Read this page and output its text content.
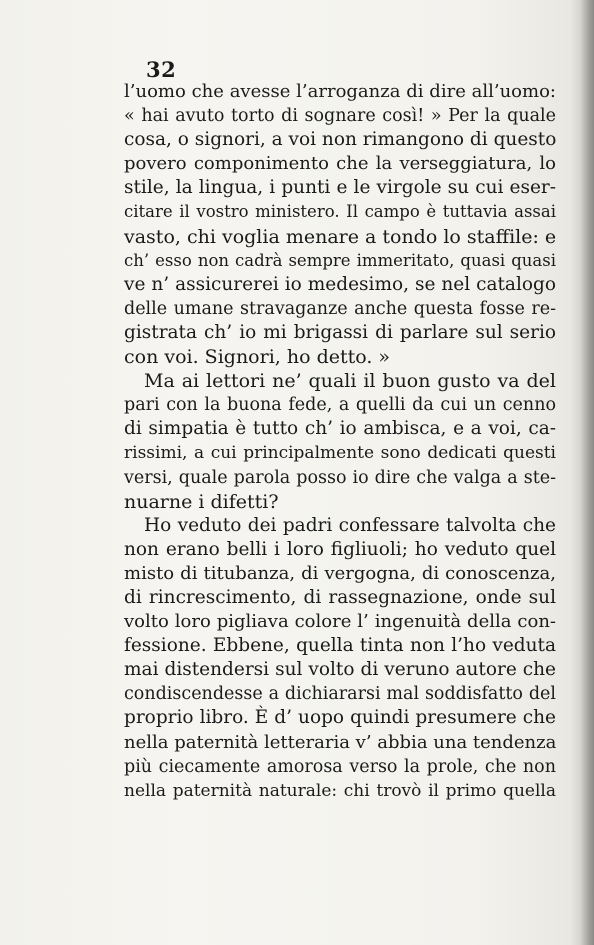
32
l’uomo che avesse l’arroganza di dire all’uomo:
« hai avuto torto di sognare così! » Per la quale
cosa, o signori, a voi non rimangono di questo
povero componimento che la verseggiatura, lo
stile, la lingua, i punti e le virgole su cui eser-
citare il vostro ministero. Il campo è tuttavia assai
vasto, chi voglia menare a tondo lo staffile: e
ch’ esso non cadrà sempre immeritato, quasi quasi
ve n’ assicurerei io medesimo, se nel catalogo
delle umane stravaganze anche questa fosse re-
gistrata ch’ io mi brigassi di parlare sul serio
con voi. Signori, ho detto. »
Ma ai lettori ne’ quali il buon gusto va del
pari con la buona fede, a quelli da cui un cenno
di simpatia è tutto ch’ io ambisca, e a voi, ca-
rissimi, a cui principalmente sono dedicati questi
versi, quale parola posso io dire che valga a ste-
nuarne i difetti?
Ho veduto dei padri confessare talvolta che
non erano belli i loro figliuoli; ho veduto quel
misto di titubanza, di vergogna, di conoscenza,
di rincrescimento, di rassegnazione, onde sul
volto loro pigliava colore l’ ingenuità della con-
fessione. Ebbene, quella tinta non l’ho veduta
mai distendersi sul volto di veruno autore che
condiscendesse a dichiararsi mal soddisfatto del
proprio libro. È d’ uopo quindi presumere che
nella paternità letteraria v’ abbia una tendenza
più ciecamente amorosa verso la prole, che non
nella paternità naturale: chi trovò il primo quella
